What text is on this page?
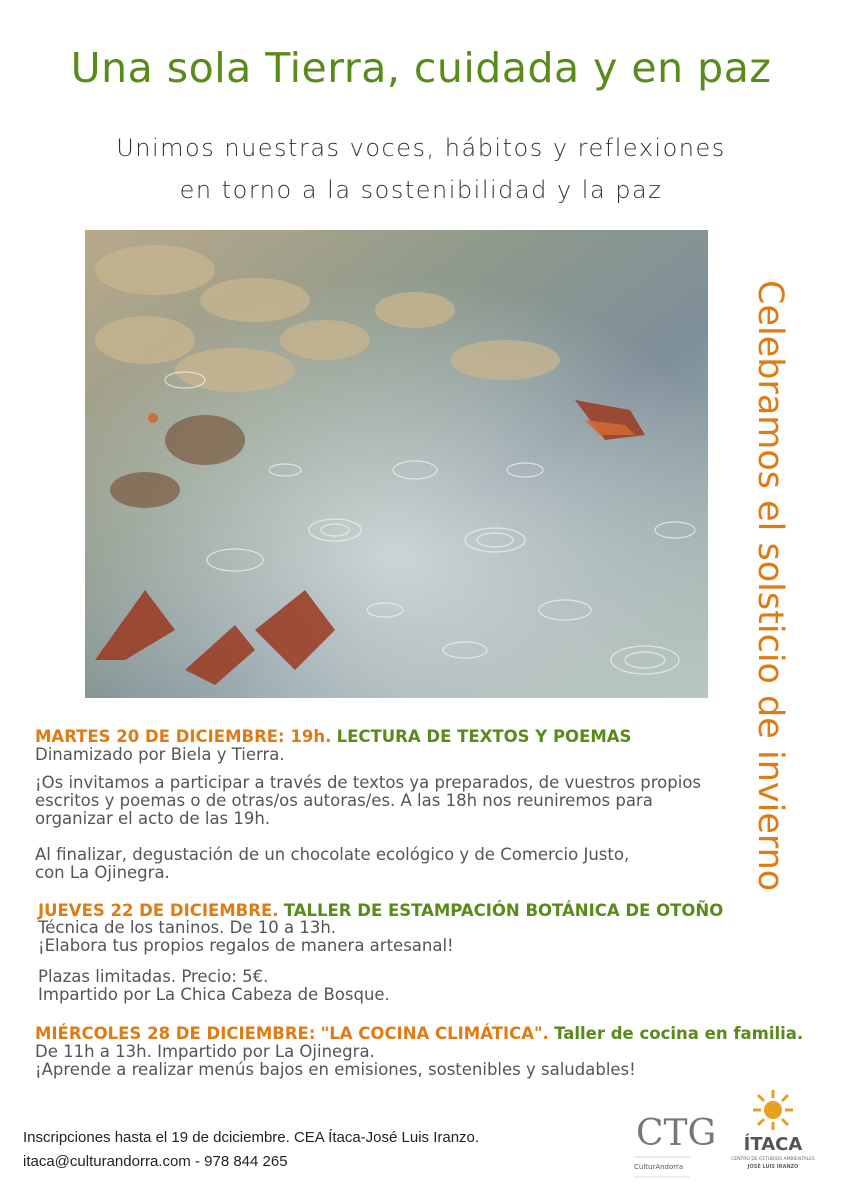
Una sola Tierra, cuidada y en paz
Unimos nuestras voces, hábitos y reflexiones
en torno a la sostenibilidad y la paz
Celebramos el solsticio de invierno
MARTES 20 DE DICIEMBRE: 19h. LECTURA DE TEXTOS Y POEMAS
Dinamizado por Biela y Tierra.
¡Os invitamos a participar a través de textos ya preparados, de vuestros propios
escritos y poemas o de otras/os autoras/es. A las 18h nos reuniremos para
organizar el acto de las 19h.
Al finalizar, degustación de un chocolate ecológico y de Comercio Justo,
con La Ojinegra.
JUEVES 22 DE DICIEMBRE. TALLER DE ESTAMPACIÓN BOTÁNICA DE OTOÑO
Técnica de los taninos. De 10 a 13h.
¡Elabora tus propios regalos de manera artesanal!
Plazas limitadas. Precio: 5€.
Impartido por La Chica Cabeza de Bosque.
MIÉRCOLES 28 DE DICIEMBRE: "LA COCINA CLIMÁTICA". Taller de cocina en familia.
De 11h a 13h. Impartido por La Ojinegra.
¡Aprende a realizar menús bajos en emisiones, sostenibles y saludables!
Inscripciones hasta el 19 de dciciembre. CEA Ítaca-José Luis Iranzo.
itaca@culturandorra.com - 978 844 265
CTG
CulturAndorra
ÍTACA
CENTRO DE ESTUDIOS AMBIENTALES
JOSÉ LUIS IRANZO
